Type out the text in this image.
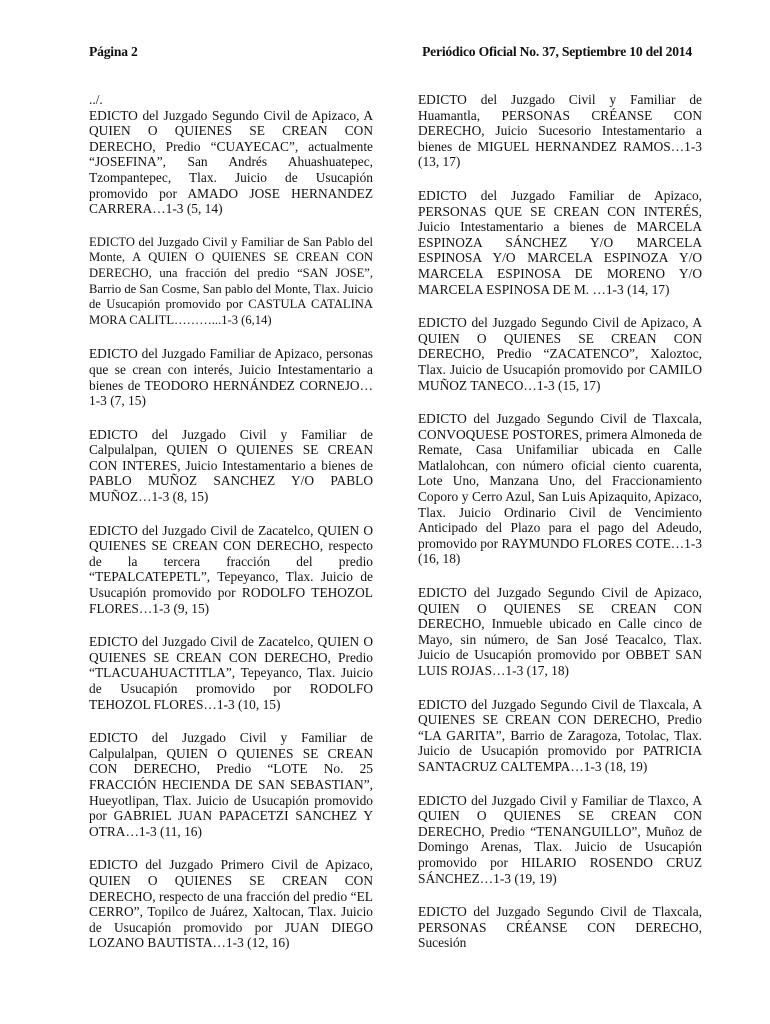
Página 2	Periódico Oficial No. 37, Septiembre 10 del 2014

../.
EDICTO del Juzgado Segundo Civil de Apizaco, A QUIEN O QUIENES SE CREAN CON DERECHO, Predio “CUAYECAC”, actualmente “JOSEFINA”, San Andrés Ahuashuatepec, Tzompantepec, Tlax. Juicio de Usucapión promovido por AMADO JOSE HERNANDEZ CARRERA…1-3 (5, 14)

EDICTO del Juzgado Civil y Familiar de San Pablo del Monte, A QUIEN O QUIENES SE CREAN CON DERECHO, una fracción del predio “SAN JOSE”, Barrio de San Cosme, San pablo del Monte, Tlax. Juicio de Usucapión promovido por CASTULA CATALINA MORA CALITL………...1-3 (6,14)

EDICTO del Juzgado Familiar de Apizaco, personas que se crean con interés, Juicio Intestamentario a bienes de TEODORO HERNÁNDEZ CORNEJO…1-3 (7, 15)

EDICTO del Juzgado Civil y Familiar de Calpulalpan, QUIEN O QUIENES SE CREAN CON INTERES, Juicio Intestamentario a bienes de PABLO MUÑOZ SANCHEZ Y/O PABLO MUÑOZ…1-3 (8, 15)

EDICTO del Juzgado Civil de Zacatelco, QUIEN O QUIENES SE CREAN CON DERECHO, respecto de la tercera fracción del predio “TEPALCATEPETL”, Tepeyanco, Tlax. Juicio de Usucapión promovido por RODOLFO TEHOZOL FLORES…1-3 (9, 15)

EDICTO del Juzgado Civil de Zacatelco, QUIEN O QUIENES SE CREAN CON DERECHO, Predio “TLACUAHUACTITLA”, Tepeyanco, Tlax. Juicio de Usucapión promovido por RODOLFO TEHOZOL FLORES…1-3 (10, 15)

EDICTO del Juzgado Civil y Familiar de Calpulalpan, QUIEN O QUIENES SE CREAN CON DERECHO, Predio “LOTE No. 25 FRACCIÓN HECIENDA DE SAN SEBASTIAN”, Hueyotlipan, Tlax. Juicio de Usucapión promovido por GABRIEL JUAN PAPACETZI SANCHEZ Y OTRA…1-3 (11, 16)

EDICTO del Juzgado Primero Civil de Apizaco, QUIEN O QUIENES SE CREAN CON DERECHO, respecto de una fracción del predio “EL CERRO”, Topilco de Juárez, Xaltocan, Tlax. Juicio de Usucapión promovido por JUAN DIEGO LOZANO BAUTISTA…1-3 (12, 16)

EDICTO del Juzgado Civil y Familiar de Huamantla, PERSONAS CRÉANSE CON DERECHO, Juicio Sucesorio Intestamentario a bienes de MIGUEL HERNANDEZ RAMOS…1-3 (13, 17)

EDICTO del Juzgado Familiar de Apizaco, PERSONAS QUE SE CREAN CON INTERÉS, Juicio Intestamentario a bienes de MARCELA ESPINOZA SÁNCHEZ Y/O MARCELA ESPINOSA Y/O MARCELA ESPINOZA Y/O MARCELA ESPINOSA DE MORENO Y/O MARCELA ESPINOSA DE M. …1-3 (14, 17)

EDICTO del Juzgado Segundo Civil de Apizaco, A QUIEN O QUIENES SE CREAN CON DERECHO, Predio “ZACATENCO”, Xaloztoc, Tlax. Juicio de Usucapión promovido por CAMILO MUÑOZ TANECO…1-3 (15, 17)

EDICTO del Juzgado Segundo Civil de Tlaxcala, CONVOQUESE POSTORES, primera Almoneda de Remate, Casa Unifamiliar ubicada en Calle Matlalohcan, con número oficial ciento cuarenta, Lote Uno, Manzana Uno, del Fraccionamiento Coporo y Cerro Azul, San Luis Apizaquito, Apizaco, Tlax. Juicio Ordinario Civil de Vencimiento Anticipado del Plazo para el pago del Adeudo, promovido por RAYMUNDO FLORES COTE…1-3 (16, 18)

EDICTO del Juzgado Segundo Civil de Apizaco, QUIEN O QUIENES SE CREAN CON DERECHO, Inmueble ubicado en Calle cinco de Mayo, sin número, de San José Teacalco, Tlax. Juicio de Usucapión promovido por OBBET SAN LUIS ROJAS…1-3 (17, 18)

EDICTO del Juzgado Segundo Civil de Tlaxcala, A QUIENES SE CREAN CON DERECHO, Predio “LA GARITA”, Barrio de Zaragoza, Totolac, Tlax. Juicio de Usucapión promovido por PATRICIA SANTACRUZ CALTEMPA…1-3 (18, 19)

EDICTO del Juzgado Civil y Familiar de Tlaxco, A QUIEN O QUIENES SE CREAN CON DERECHO, Predio “TENANGUILLO”, Muñoz de Domingo Arenas, Tlax. Juicio de Usucapión promovido por HILARIO ROSENDO CRUZ SÁNCHEZ…1-3 (19, 19)

EDICTO del Juzgado Segundo Civil de Tlaxcala, PERSONAS CRÉANSE CON DERECHO, Sucesión
